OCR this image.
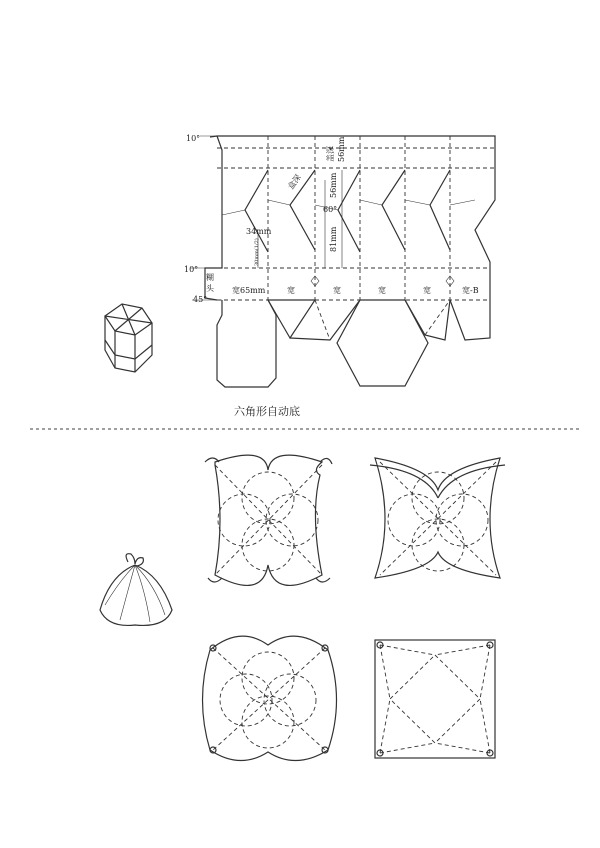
10°
10°
45°
60°
34mm
糊
头 宽65mm	宽	宽	宽	宽	宽-B
盖深 56mm
盒深	56mm
81mm
30mm(1/2)
六角形自动底
